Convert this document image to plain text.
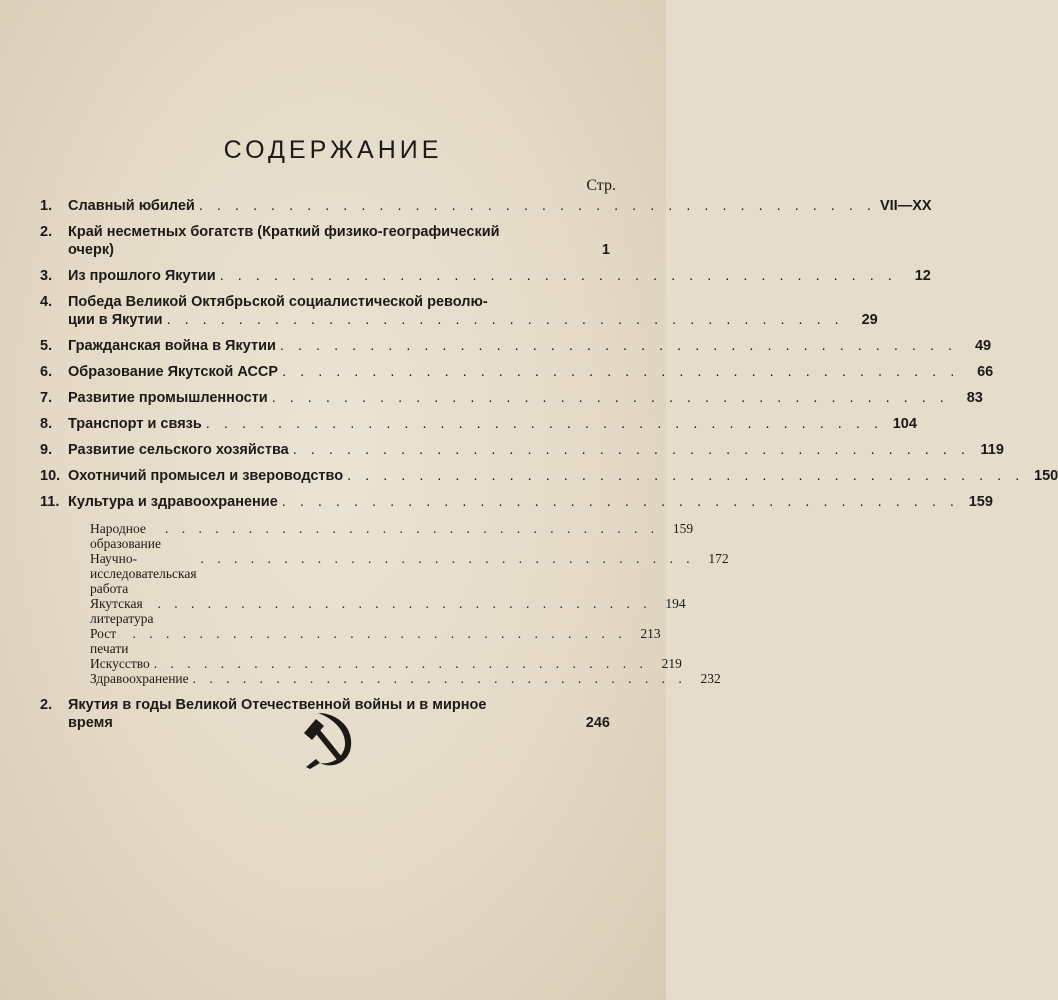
СОДЕРЖАНИЕ
Стр.
1.	Славный юбилей . . . . . . . . . . . . . . . . . . . . . . . . . . . . . . . . . . . . . . VII—XX
2.	Край несметных богатств (Краткий физико-географический
очерк)
	1
3.	Из прошлого Якутии . . . . . . . . . . . . . . . . . . . . . . . . . . . . . . . . . . . . . .	12
4.	Победа Великой Октябрьской социалистической револю-
ции в Якутии . . . . . . . . . . . . . . . . . . . . . . . . . . . . . . . . . . . . . .	29
5.	Гражданская война в Якутии . . . . . . . . . . . . . . . . . . . . . . . . . . . . . . . . . . . . . .	49
6.	Образование Якутской АССР . . . . . . . . . . . . . . . . . . . . . . . . . . . . . . . . . . . . . .	66
7.	Развитие промышленности . . . . . . . . . . . . . . . . . . . . . . . . . . . . . . . . . . . . . .	83
8.	Транспорт и связь . . . . . . . . . . . . . . . . . . . . . . . . . . . . . . . . . . . . . . 104
9.	Развитие сельского хозяйства . . . . . . . . . . . . . . . . . . . . . . . . . . . . . . . . . . . . . . 119
10. Охотничий промысел и звероводство . . . . . . . . . . . . . . . . . . . . . . . . . . . . . . . . . . . . . . 150
11. Культура и здравоохранение . . . . . . . . . . . . . . . . . . . . . . . . . . . . . . . . . . . . . . 159
Народное образование
. . . . . . . . . . . . . . . . . . . . . . . . . . . . . .	159
Научно-исследовательская работа
. . . . . . . . . . . . . . . . . . . . . . . . . . . . . .	172
Якутская литература
. . . . . . . . . . . . . . . . . . . . . . . . . . . . . .	194
Рост печати
. . . . . . . . . . . . . . . . . . . . . . . . . . . . . .	213
Искусство . . . . . . . . . . . . . . . . . . . . . . . . . . . . . .	219
Здравоохранение . . . . . . . . . . . . . . . . . . . . . . . . . . . . . .	232
2.	Якутия в годы Великой Отечественной войны и в мирное
время
	246
